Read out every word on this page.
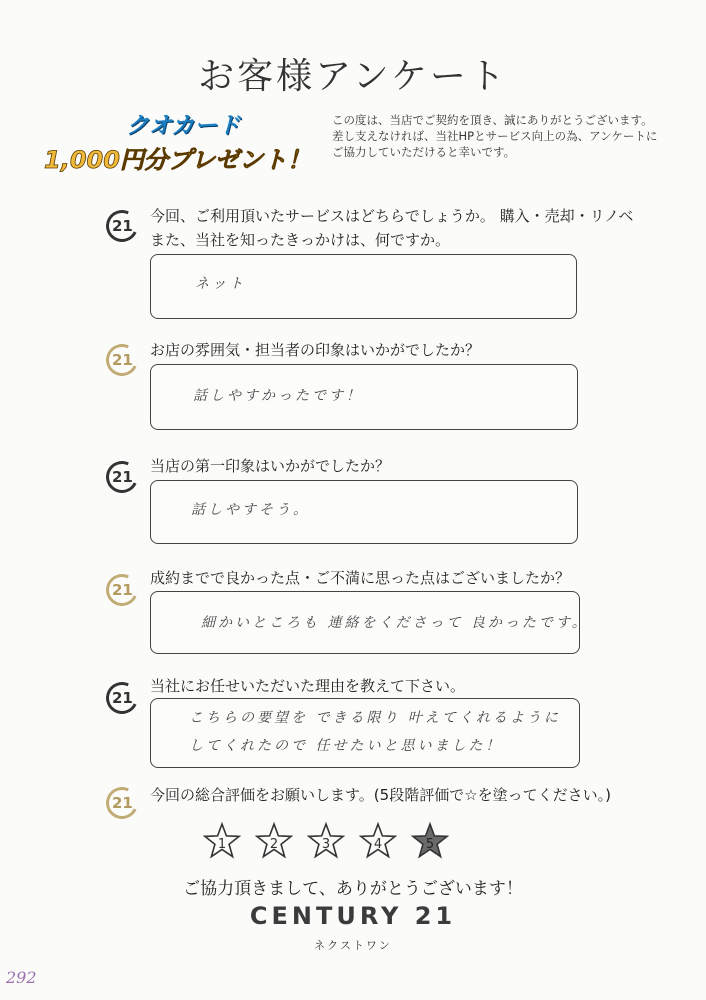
お客様アンケート
クオカード
1,000円分プレゼント！
この度は、当店でご契約を頂き、誠にありがとうございます。
差し支えなければ、当社HPとサービス向上の為、アンケートに
ご協力していただけると幸いです。
21
今回、ご利用頂いたサービスはどちらでしょうか。 購入・売却・リノベ
また、当社を知ったきっかけは、何ですか。
ネット
21
お店の雰囲気・担当者の印象はいかがでしたか？
話しやすかったです！
21
当店の第一印象はいかがでしたか？
話しやすそう。
21
成約までで良かった点・ご不満に思った点はございましたか？
細かいところも 連絡をくださって 良かったです。
21
当社にお任せいただいた理由を教えて下さい。
こちらの要望を できる限り 叶えてくれるように
してくれたので 任せたいと思いました！
21 今回の総合評価をお願いします。(5段階評価で☆を塗ってください。)
1	2	3	4	5
ご協力頂きまして、ありがとうございます！
CENTURY 21
ネクストワン
292
